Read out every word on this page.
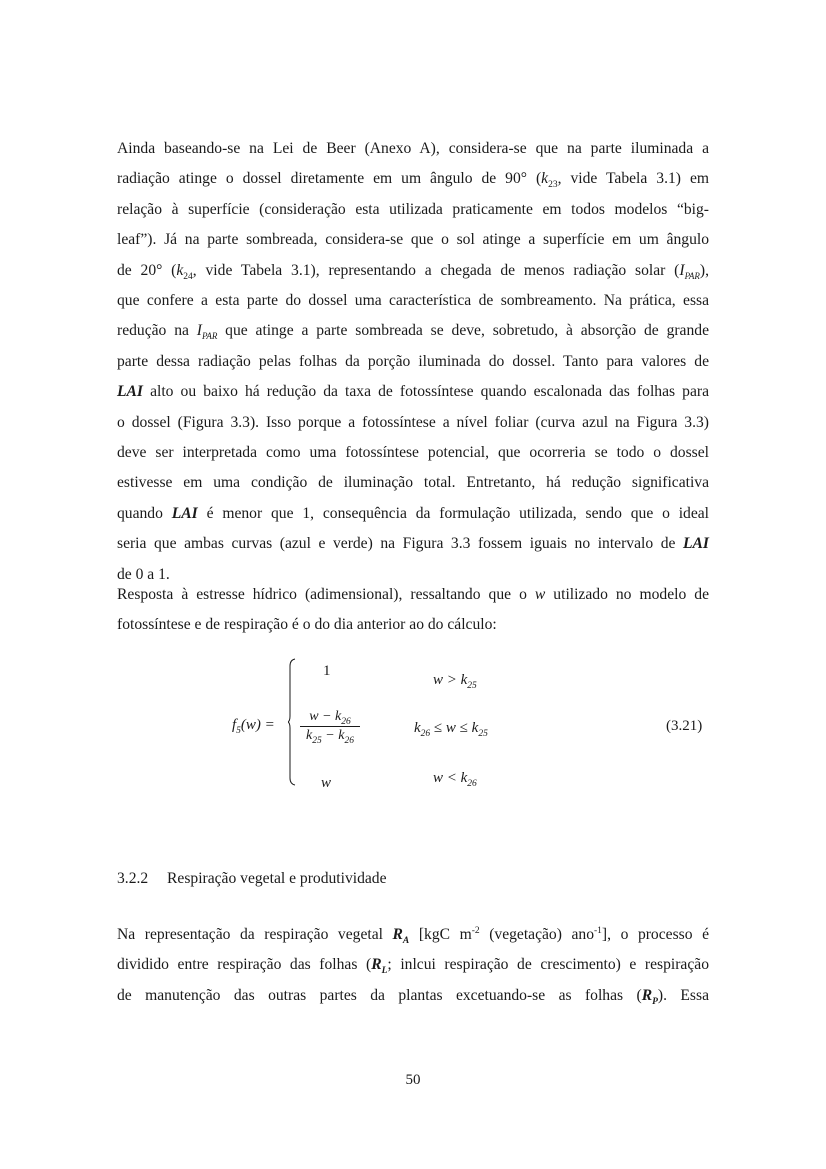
Ainda baseando-se na Lei de Beer (Anexo A), considera-se que na parte iluminada a
radiação atinge o dossel diretamente em um ângulo de 90° ($k_{23}$, vide Tabela 3.1) em
relação à superfície (consideração esta utilizada praticamente em todos modelos “big-
leaf”). Já na parte sombreada, considera-se que o sol atinge a superfície em um ângulo
de 20° ($k_{24}$, vide Tabela 3.1), representando a chegada de menos radiação solar $(I_{PAR})$,
que confere a esta parte do dossel uma característica de sombreamento. Na prática, essa
redução na $I_{PAR}$ que atinge a parte sombreada se deve, sobretudo, à absorção de grande
parte dessa radiação pelas folhas da porção iluminada do dossel. Tanto para valores de
LAI alto ou baixo há redução da taxa de fotossíntese quando escalonada das folhas para
o dossel (Figura 3.3). Isso porque a fotossíntese a nível foliar (curva azul na Figura 3.3)
deve ser interpretada como uma fotossíntese potencial, que ocorreria se todo o dossel
estivesse em uma condição de iluminação total. Entretanto, há redução significativa
quando LAI é menor que 1, consequência da formulação utilizada, sendo que o ideal
seria que ambas curvas (azul e verde) na Figura 3.3 fossem iguais no intervalo de LAI
de 0 a 1.
Resposta à estresse hídrico (adimensional), ressaltando que o w utilizado no modelo de
fotossíntese e de respiração é o do dia anterior ao do cálculo:
$f_5(w)$ =
1
$\frac{w - k_{26}}{k_{25} - k_{26}}$
w
$w > k_{25}$
$k_{26} \le w \le k_{25}$
$w < k_{26}$
(3.21)
3.2.2 Respiração vegetal e produtividade
Na representação da respiração vegetal $R_A$ [kgC $m^{-2}$ (vegetação) ano$^{-1}$], o processo é
dividido entre respiração das folhas ($R_L$; inlcui respiração de crescimento) e respiração
de manutenção das outras partes da plantas excetuando-se as folhas $(R_P)$. Essa
50
